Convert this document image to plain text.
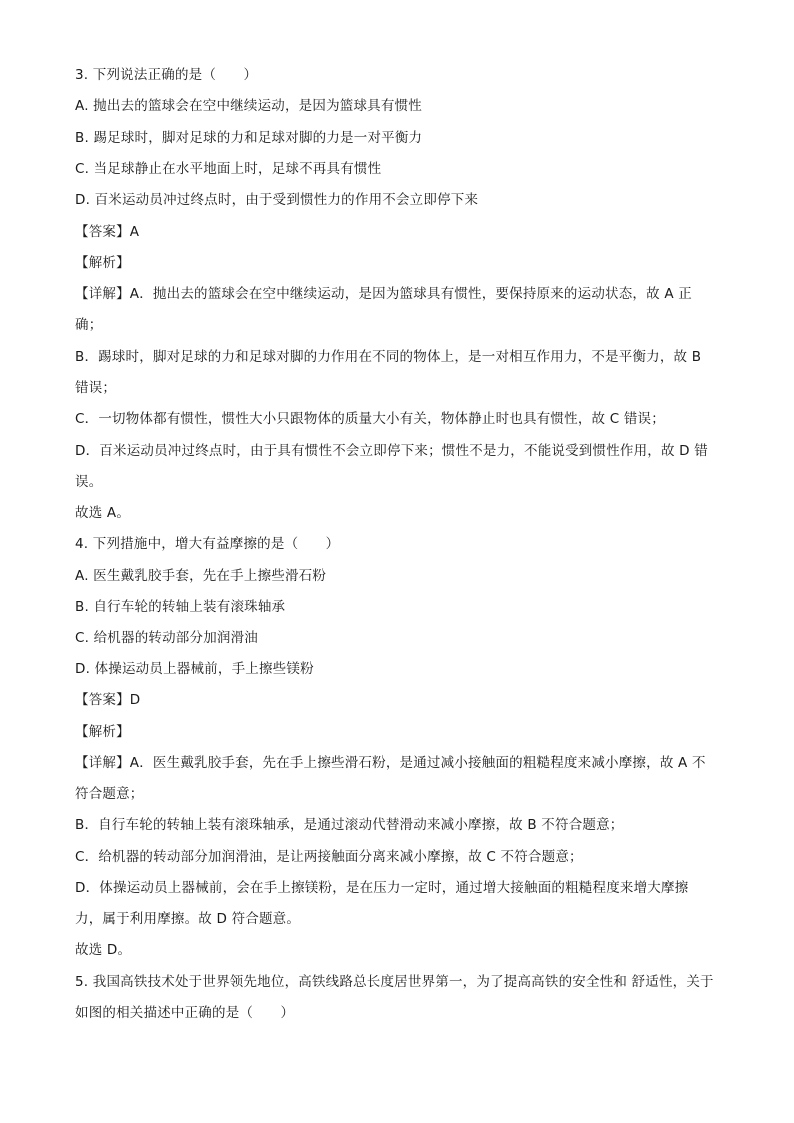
3. 下列说法正确的是（　　）
A. 抛出去的篮球会在空中继续运动，是因为篮球具有惯性
B. 踢足球时，脚对足球的力和足球对脚的力是一对平衡力
C. 当足球静止在水平地面上时，足球不再具有惯性
D. 百米运动员冲过终点时，由于受到惯性力的作用不会立即停下来
【答案】A
【解析】
【详解】A．抛出去的篮球会在空中继续运动，是因为篮球具有惯性，要保持原来的运动状态，故 A 正
确；
B．踢球时，脚对足球的力和足球对脚的力作用在不同的物体上，是一对相互作用力，不是平衡力，故 B
错误；
C．一切物体都有惯性，惯性大小只跟物体的质量大小有关，物体静止时也具有惯性，故 C 错误；
D．百米运动员冲过终点时，由于具有惯性不会立即停下来；惯性不是力，不能说受到惯性作用，故 D 错
误。
故选 A。
4. 下列措施中，增大有益摩擦的是（　　）
A. 医生戴乳胶手套，先在手上擦些滑石粉
B. 自行车轮的转轴上装有滚珠轴承
C. 给机器的转动部分加润滑油
D. 体操运动员上器械前，手上擦些镁粉
【答案】D
【解析】
【详解】A．医生戴乳胶手套，先在手上擦些滑石粉，是通过减小接触面的粗糙程度来减小摩擦，故 A 不
符合题意；
B．自行车轮的转轴上装有滚珠轴承，是通过滚动代替滑动来减小摩擦，故 B 不符合题意；
C．给机器的转动部分加润滑油，是让两接触面分离来减小摩擦，故 C 不符合题意；
D．体操运动员上器械前，会在手上擦镁粉，是在压力一定时，通过增大接触面的粗糙程度来增大摩擦
力，属于利用摩擦。故 D 符合题意。
故选 D。
5. 我国高铁技术处于世界领先地位，高铁线路总长度居世界第一，为了提高高铁的安全性和 舒适性，关于
如图的相关描述中正确的是（　　）
